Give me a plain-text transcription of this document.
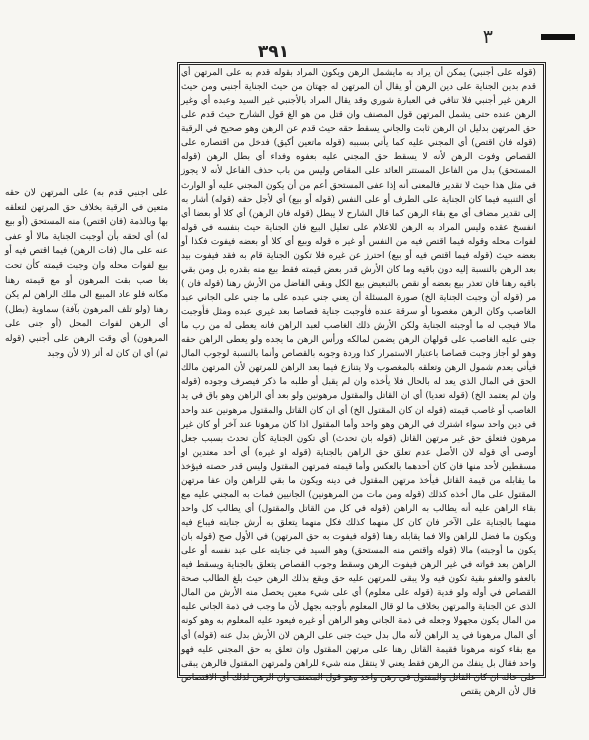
٣
٣٩١

(قوله على أجنبي) يمكن أن يراد به مايشمل الرهن ويكون المراد بقوله قدم به على المرتهن أي قدم بدين الجناية على دين الرهن أو يقال أن المرتهن له جهتان من حيث الجناية أجنبي ومن حيث الرهن غير أجنبي فلا تنافي في العبارة شوري وقد يقال المراد بالأجنبي غير السيد وعبده أي وغير الرهن عنده حتى يشمل المرتهن قول المصنف وان قتل من هو الغ قول الشارح حيث قدم على حق المرتهن بدليل ان الرهن ثابت والجاني يسقط حقه حيث قدم عن الرهن وهو صحيح في الرقبة (قوله فان اقتص) أي المجني عليه كما يأتي بسببه (قوله ماتعين أكيق) فدخل من اقتصاره على القصاص وفوت الرهن لأنه لا يسقط حق المجني عليه بعفوه وفداء أي بطل الرهن (قوله المستحق) بدل من الفاعل المستتر العائد على المقاص وليس من باب حذف الفاعل لأنه لا يجوز في مثل هذا حيث لا تقدير فالمعنى أنه إذا عفى المستحق أعم من أن يكون المجني عليه أو الوارث أي التنبيه فيما كان الجناية على الطرف أو على النفس (قوله أو بيع) أي لأجل حقه (قوله) أشار به إلى تقدير مضاف أي مع بقاء الرهن كما قال الشارح لا يبطل (قوله فان الرهن) أي كلا أو بعضا أي انفسخ عقده وليس المراد به الرهن للاعلام على تعليل البيع فان الجناية حيث بنفسه في قوله لفوات محله وقوله فيما اقتص فيه من النفس أو غير ه قوله وبيع أي كلا أو بعضه فيفوت فكذا أو بعضه حيث (قوله فيما اقتص فيه أو بيع) احترز عن غيره فلا تكون الجناية قام به فقد فيفوت بيد بعد الرهن بالنسبة إليه دون باقيه وما كان الأرش قدر بعض قيمته فقط بيع منه بقدره بل ومن بقي باقيه رهنا فان تعذر بيع بعضه أو نقص بالتبعيض بيع الكل وبقي الفاضل من الأرش رهنا (قوله فان ) مر (قوله أن وجبت الجناية الخ) صورة المسئلة أن يعني جني عبده على ما جني على الجاني عبد الغاصب وكان الرهن مغصوبا أو سرقة عنده فأوجبت جناية قصاصا بعد غيري عبده ومثل فأوجبت مالا فيجب له ما أوجبته الجناية ولكن الأرش ذلك الغاصب لعبد الراهن فانه يعطى له من رب ما جنى عليه الغاصب على قولهان الرهن يضمن لمالكه ورأس الرهن ما يجده ولو يعطى الراهن حقه وهو لو أجاز وجبت قصاصا باعتبار الاستمرار كذا وردة وجوبه بالقصاص وأنما بالنسبة لوجوب المال فيأتي بعدم شمول الرهن وتعلقه بالمغصوب ولا يتنازع فيما بعد الراهن للمرتهن لأن المرتهن مالك الحق في المال الذي يعد له بالحال فلا يأخذه وان لم يقبل أو طلبه ما ذكر فيصرف وجوده (قوله وان لم يعتمد الخ) (قوله تعديا) أي ان القاتل والمقتول مرهونين ولو بعد أي الراهن وهو باق في يد الغاصب أو غاصب قيمته (قوله ان كان المقتول الخ) أي ان كان القاتل والمقتول مرهونين عند واحد في دين واحد سواء اشترك في الرهن وهو واحد وأما المقتول اذا كان مرهونا عند آخر أو كان غير مرهون فتعلق حق غير مرتهن القاتل (قوله بان تحدث) أي تكون الجناية كأن تحدث بسبب جعل أوصى أي قوله لان الأصل عدم تعلق حق الراهن بالجناية (قوله او غيره) أي أحد معتدين او مسقطين لأحد منها فان كان أحدهما بالعكس وأما قيمته فمرتهن المقتول وليس قدر حصته فيؤخذ ما يقابله من قيمة القاتل فيأخذ مرتهن المقتول في دينه ويكون ما بقي للراهن وان عفا مرتهن المقتول على مال أخذه كذلك (قوله ومن مات من المرهونين) الجانيين فمات به المجني عليه مع بقاء الراهن عليه أنه يطالب به الراهن (قوله في كل من القاتل والمقتول) أي يطالب كل واحد منهما بالجناية على الآخر فان كان كل منهما كذلك فكل منهما يتعلق به أرش جنايته فيباع فيه ويكون ما فضل للراهن والا فما يقابله رهنا (قوله فيفوت به حق المرتهن) في الأول صح (قوله بان يكون ما أوجبته) مالا (قوله واقتص منه المستحق) وهو السيد في جنايته على عبد نفسه أو على الراهن بعد فواته في غير الرهن فيفوت الرهن وسقط وجوب القصاص يتعلق بالجناية ويسقط فيه بالعفو والعفو بقية تكون فيه ولا يبقى للمرتهن عليه حق ويقع بذلك الرهن حيث بلغ الطالب صحة القصاص في أوله ولو فدية (قوله على معلوم) أي على شيء معين يحصل منه الأرش من المال الذي عن الجناية والمرتهن بخلاف ما لو قال المعلوم بأوجبه بجهل لأن ما وجب في ذمة الجاني عليه من المال يكون مجهولا وجعله في ذمة الجاني وهو الراهن أو غيره فيعود عليه المعلوم به وهو كونه أي المال مرهونا في يد الراهن لأنه مال بدل حيث جنى على الرهن لان الأرش بدل عنه (قوله) أي مع بقاء كونه مرهونا فقيمة القاتل رهنا على مرتهن المقتول وان تعلق به حق المجني عليه فهو واحد فقال بل ينفك من الرهن فقط يعني لا ينتقل منه شيء للراهن ولمرتهن المقتول فالرهن يبقى على حاله ان كان القاتل والمقتول في رهن واحد وهو قول المصنف وان الرهن لذلك أي الاقتصاص قال لأن الرهن يقتص

على اجنبي قدم به) على المرتهن لان حقه متعين في الرقبة بخلاف حق المرتهن لتعلقه بها وبالذمة (فان اقتص) منه المستحق (أو بيع له) أي لحقه بأن أوجبت الجناية مالا أو عفى عنه على مال (فات الرهن) فيما اقتص فيه أو بيع لفوات محله وان وجبت قيمته كأن تحت بغا صب بقت المرهون أو مع قيمته رهنا مكانه فلو عاد المبيع الى ملك الراهن لم يكن رهنا (ولو تلف المرهون بآفة) سماوية (بطل) أي الرهن لفوات المحل (أو جنى على المرهون) أي وقت الرهن على أجنبي (قوله ثم) أي ان كان له أثر (لا لأن وجبد
